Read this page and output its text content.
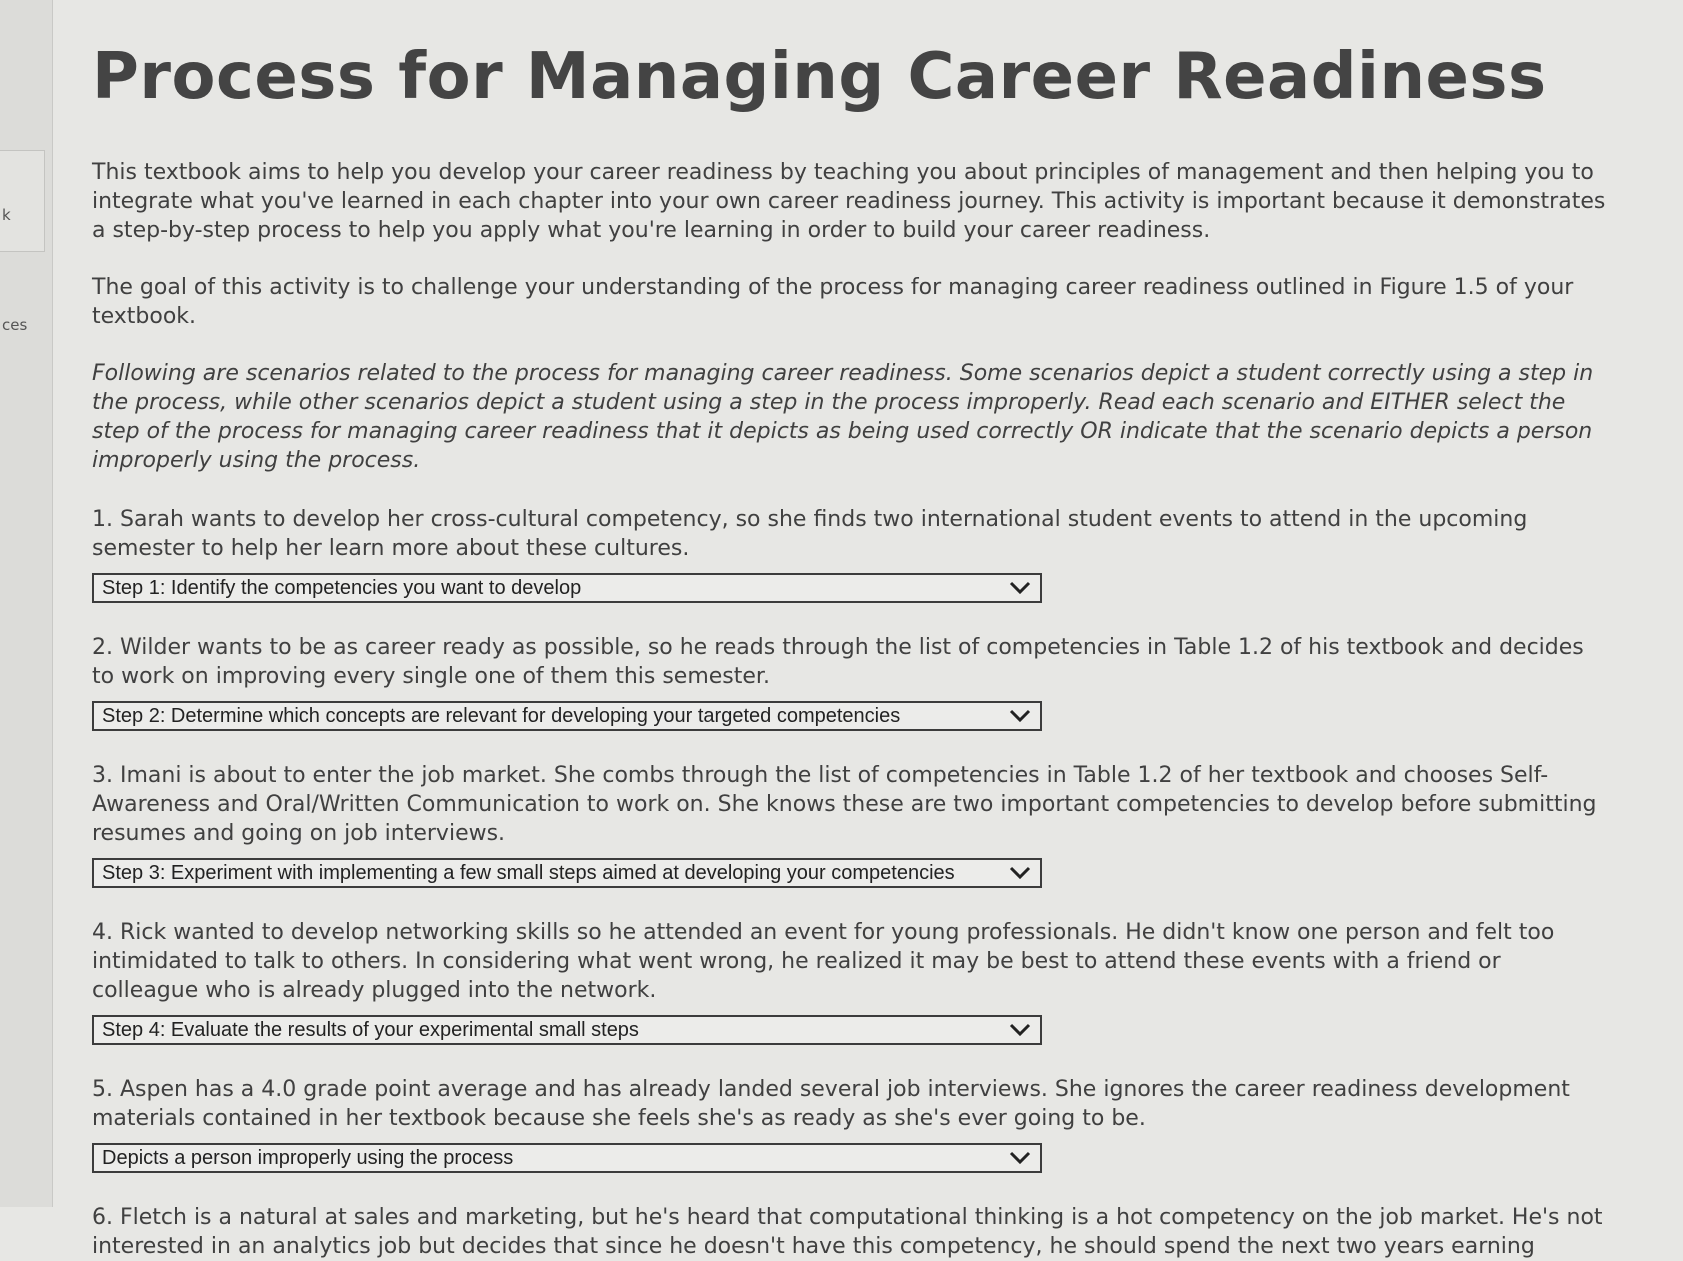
k
ces
Process for Managing Career Readiness

This textbook aims to help you develop your career readiness by teaching you about principles of management and then helping you to integrate what you've learned in each chapter into your own career readiness journey. This activity is important because it demonstrates a step-by-step process to help you apply what you're learning in order to build your career readiness.

The goal of this activity is to challenge your understanding of the process for managing career readiness outlined in Figure 1.5 of your textbook.

Following are scenarios related to the process for managing career readiness. Some scenarios depict a student correctly using a step in the process, while other scenarios depict a student using a step in the process improperly. Read each scenario and EITHER select the step of the process for managing career readiness that it depicts as being used correctly OR indicate that the scenario depicts a person improperly using the process.

1. Sarah wants to develop her cross-cultural competency, so she finds two international student events to attend in the upcoming semester to help her learn more about these cultures.

Step 1: Identify the competencies you want to develop

2. Wilder wants to be as career ready as possible, so he reads through the list of competencies in Table 1.2 of his textbook and decides to work on improving every single one of them this semester.

Step 2: Determine which concepts are relevant for developing your targeted competencies

3. Imani is about to enter the job market. She combs through the list of competencies in Table 1.2 of her textbook and chooses Self-Awareness and Oral/Written Communication to work on. She knows these are two important competencies to develop before submitting resumes and going on job interviews.

Step 3: Experiment with implementing a few small steps aimed at developing your competencies

4. Rick wanted to develop networking skills so he attended an event for young professionals. He didn't know one person and felt too intimidated to talk to others. In considering what went wrong, he realized it may be best to attend these events with a friend or colleague who is already plugged into the network.

Step 4: Evaluate the results of your experimental small steps

5. Aspen has a 4.0 grade point average and has already landed several job interviews. She ignores the career readiness development materials contained in her textbook because she feels she's as ready as she's ever going to be.

Depicts a person improperly using the process

6. Fletch is a natural at sales and marketing, but he's heard that computational thinking is a hot competency on the job market. He's not interested in an analytics job but decides that since he doesn't have this competency, he should spend the next two years earning
